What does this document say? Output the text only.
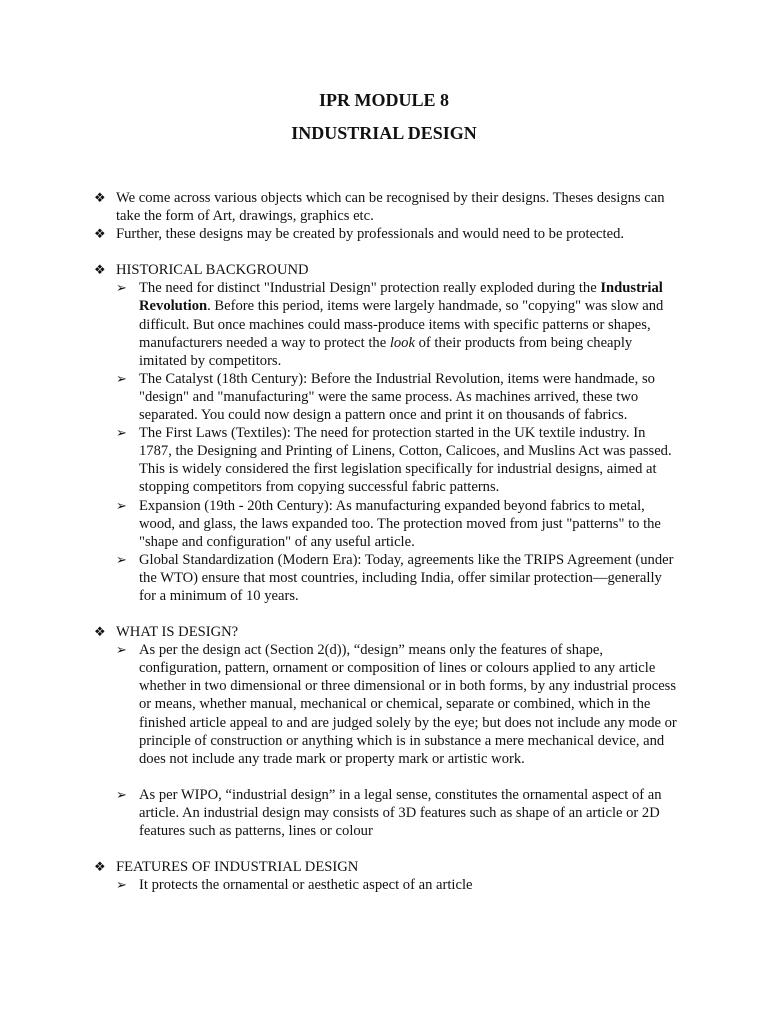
IPR MODULE 8
INDUSTRIAL DESIGN

❖ We come across various objects which can be recognised by their designs. Theses designs can take the form of Art, drawings, graphics etc.

❖ Further, these designs may be created by professionals and would need to be protected.

❖ HISTORICAL BACKGROUND

➢ The need for distinct "Industrial Design" protection really exploded during the Industrial Revolution. Before this period, items were largely handmade, so "copying" was slow and difficult. But once machines could mass-produce items with specific patterns or shapes, manufacturers needed a way to protect the look of their products from being cheaply imitated by competitors.

➢ The Catalyst (18th Century): Before the Industrial Revolution, items were handmade, so "design" and "manufacturing" were the same process. As machines arrived, these two separated. You could now design a pattern once and print it on thousands of fabrics.

➢ The First Laws (Textiles): The need for protection started in the UK textile industry. In 1787, the Designing and Printing of Linens, Cotton, Calicoes, and Muslins Act was passed. This is widely considered the first legislation specifically for industrial designs, aimed at stopping competitors from copying successful fabric patterns.

➢ Expansion (19th - 20th Century): As manufacturing expanded beyond fabrics to metal, wood, and glass, the laws expanded too. The protection moved from just "patterns" to the "shape and configuration" of any useful article.

➢ Global Standardization (Modern Era): Today, agreements like the TRIPS Agreement (under the WTO) ensure that most countries, including India, offer similar protection—generally for a minimum of 10 years.

❖ WHAT IS DESIGN?

➢ As per the design act (Section 2(d)), “design” means only the features of shape, configuration, pattern, ornament or composition of lines or colours applied to any article whether in two dimensional or three dimensional or in both forms, by any industrial process or means, whether manual, mechanical or chemical, separate or combined, which in the finished article appeal to and are judged solely by the eye; but does not include any mode or principle of construction or anything which is in substance a mere mechanical device, and does not include any trade mark or property mark or artistic work.

➢ As per WIPO, “industrial design” in a legal sense, constitutes the ornamental aspect of an article. An industrial design may consists of 3D features such as shape of an article or 2D features such as patterns, lines or colour

❖ FEATURES OF INDUSTRIAL DESIGN

➢ It protects the ornamental or aesthetic aspect of an article
